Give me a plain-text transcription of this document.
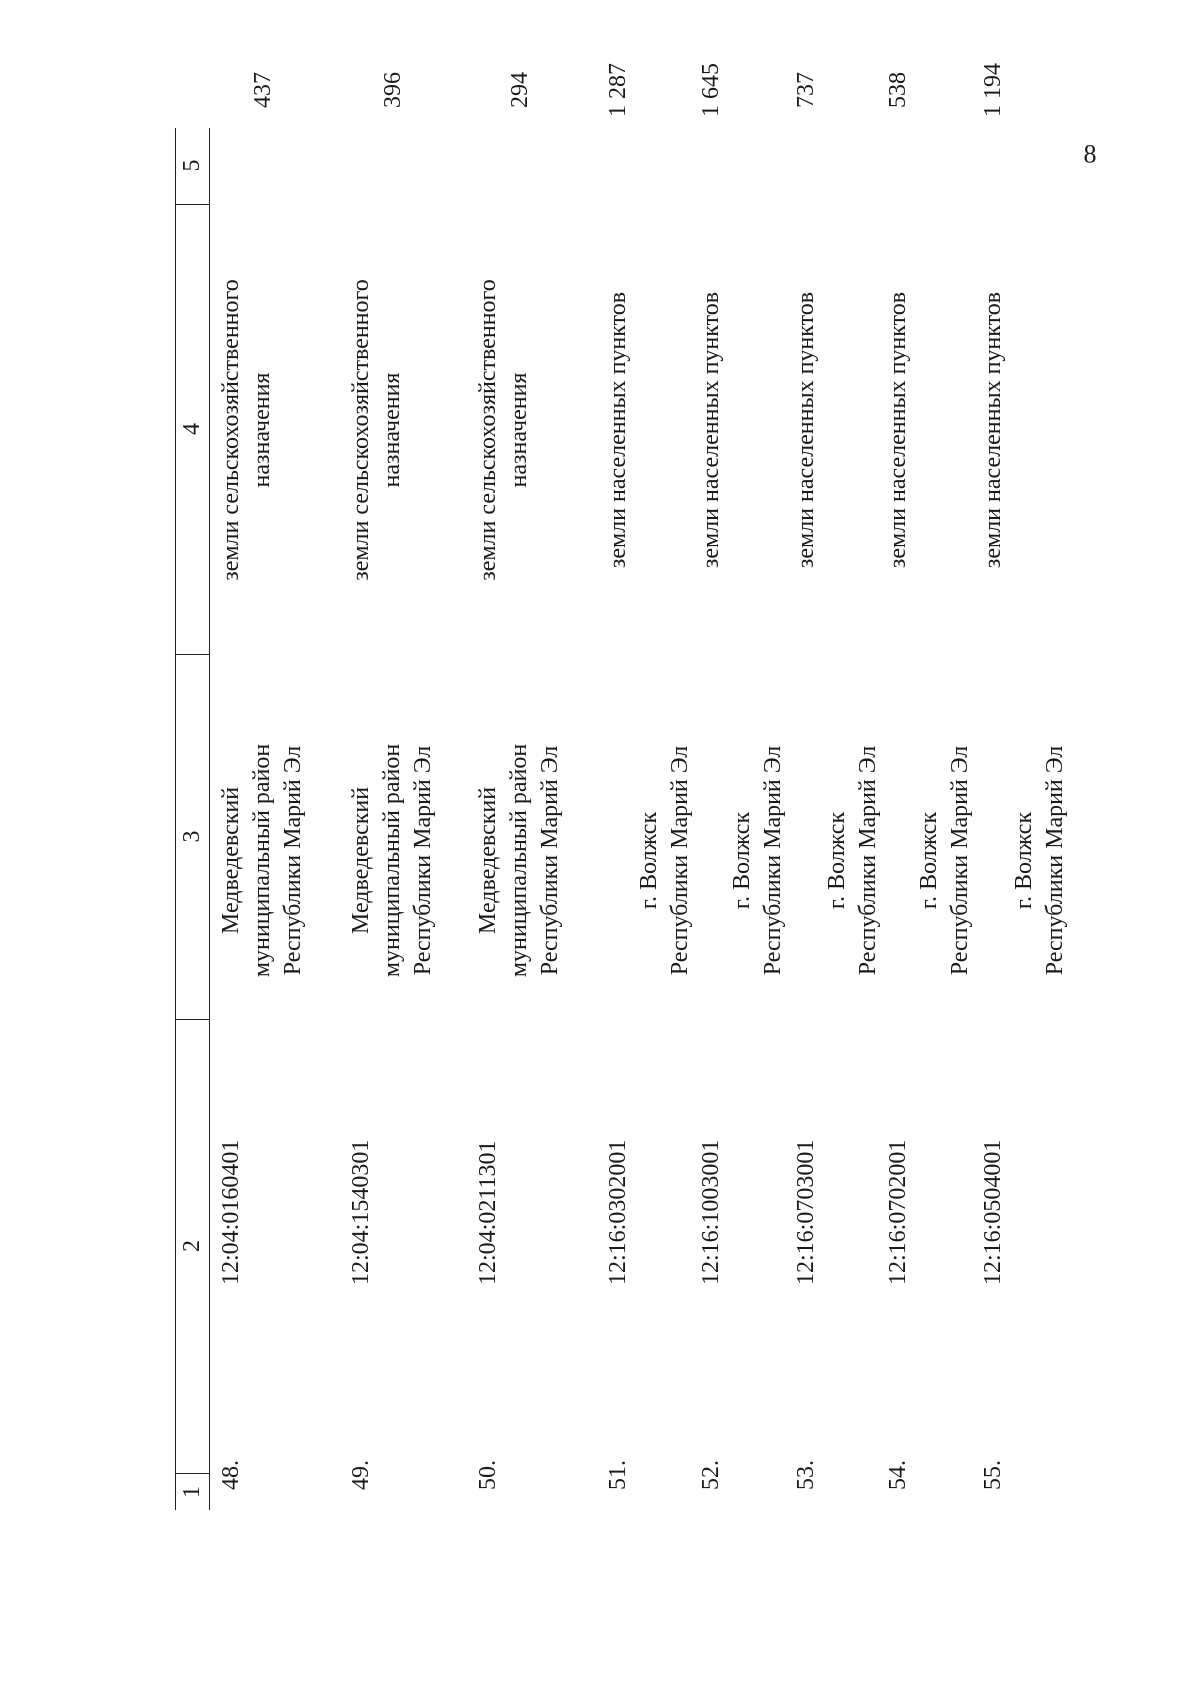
8
1
2
3
4
5
48.
12:04:0160401
Медведевский муниципальный район Республики Марий Эл
земли сельскохозяйственного назначения
437
49.
12:04:1540301
Медведевский муниципальный район Республики Марий Эл
земли сельскохозяйственного назначения
396
50.
12:04:0211301
Медведевский муниципальный район Республики Марий Эл
земли сельскохозяйственного назначения
294
51.
12:16:0302001
г. Волжск Республики Марий Эл
земли населенных пунктов
1 287
52.
12:16:1003001
г. Волжск Республики Марий Эл
земли населенных пунктов
1 645
53.
12:16:0703001
г. Волжск Республики Марий Эл
земли населенных пунктов
737
54.
12:16:0702001
г. Волжск Республики Марий Эл
земли населенных пунктов
538
55.
12:16:0504001
г. Волжск Республики Марий Эл
земли населенных пунктов
1 194
